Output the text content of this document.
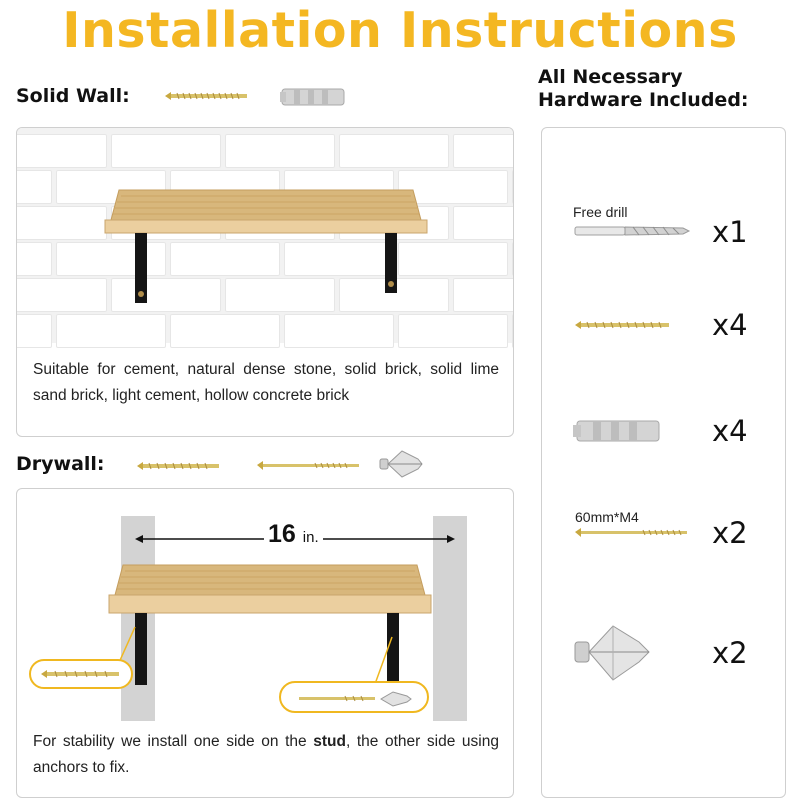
Installation Instructions
Solid Wall:
Suitable for cement, natural dense stone, solid brick, solid lime sand brick, light cement, hollow concrete brick
Drywall:
16 in.
For stability we install one side on the stud, the other side using anchors to fix.
All Necessary
Hardware Included:
Free drill
x1
x4
x4
60mm*M4	x2
x2
